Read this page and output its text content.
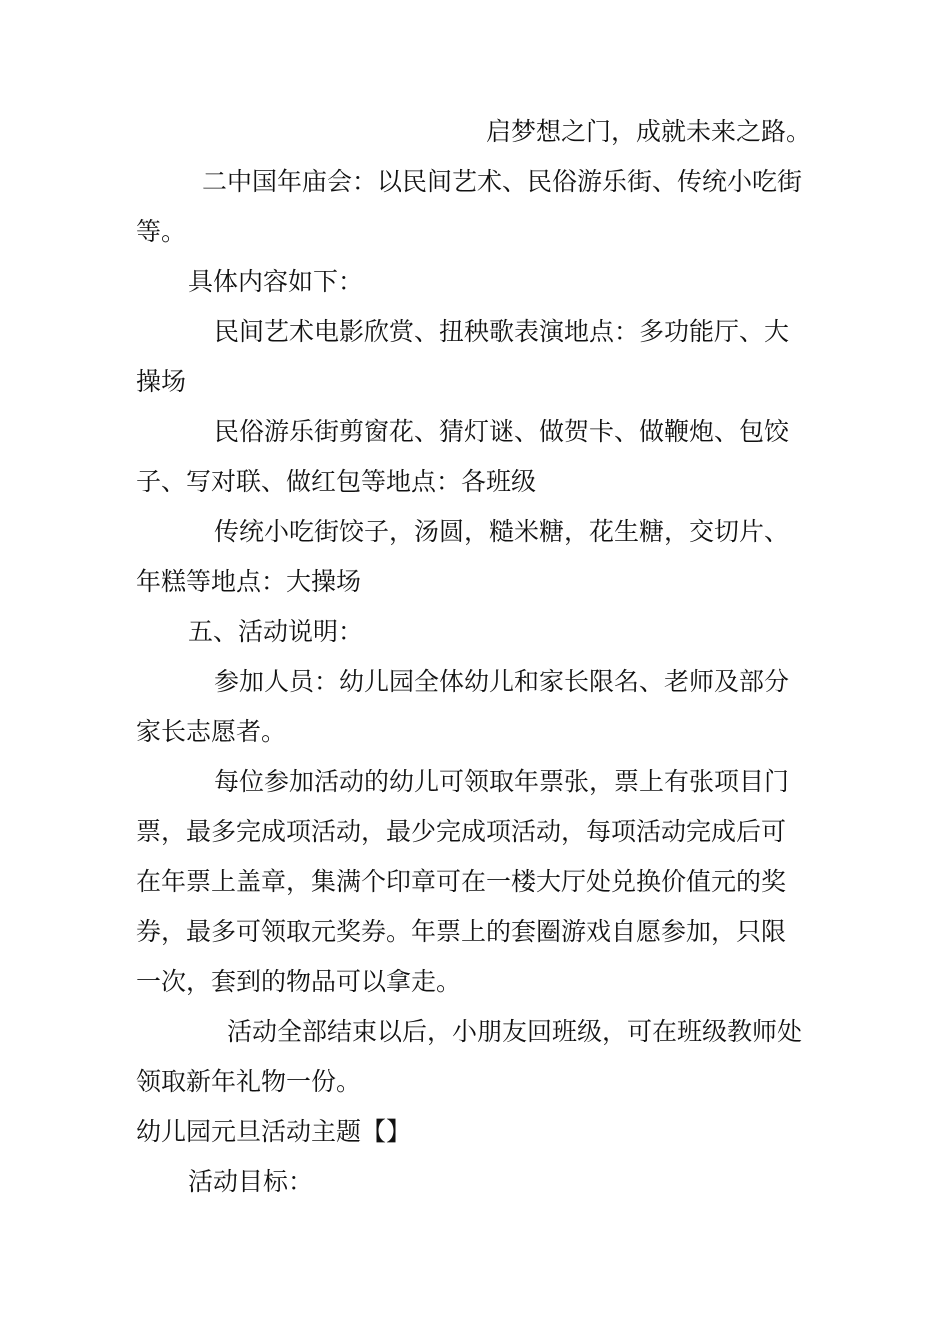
启梦想之门，成就未来之路。
二中国年庙会：以民间艺术、民俗游乐街、传统小吃街
等。
具体内容如下：
民间艺术电影欣赏、扭秧歌表演地点：多功能厅、大
操场
民俗游乐街剪窗花、猜灯谜、做贺卡、做鞭炮、包饺
子、写对联、做红包等地点：各班级
传统小吃街饺子，汤圆，糙米糖，花生糖，交切片、
年糕等地点：大操场
五、活动说明：
参加人员：幼儿园全体幼儿和家长限名、老师及部分
家长志愿者。
每位参加活动的幼儿可领取年票张，票上有张项目门
票，最多完成项活动，最少完成项活动，每项活动完成后可
在年票上盖章，集满个印章可在一楼大厅处兑换价值元的奖
券，最多可领取元奖券。年票上的套圈游戏自愿参加，只限
一次，套到的物品可以拿走。
活动全部结束以后，小朋友回班级，可在班级教师处
领取新年礼物一份。
幼儿园元旦活动主题【】
活动目标：
